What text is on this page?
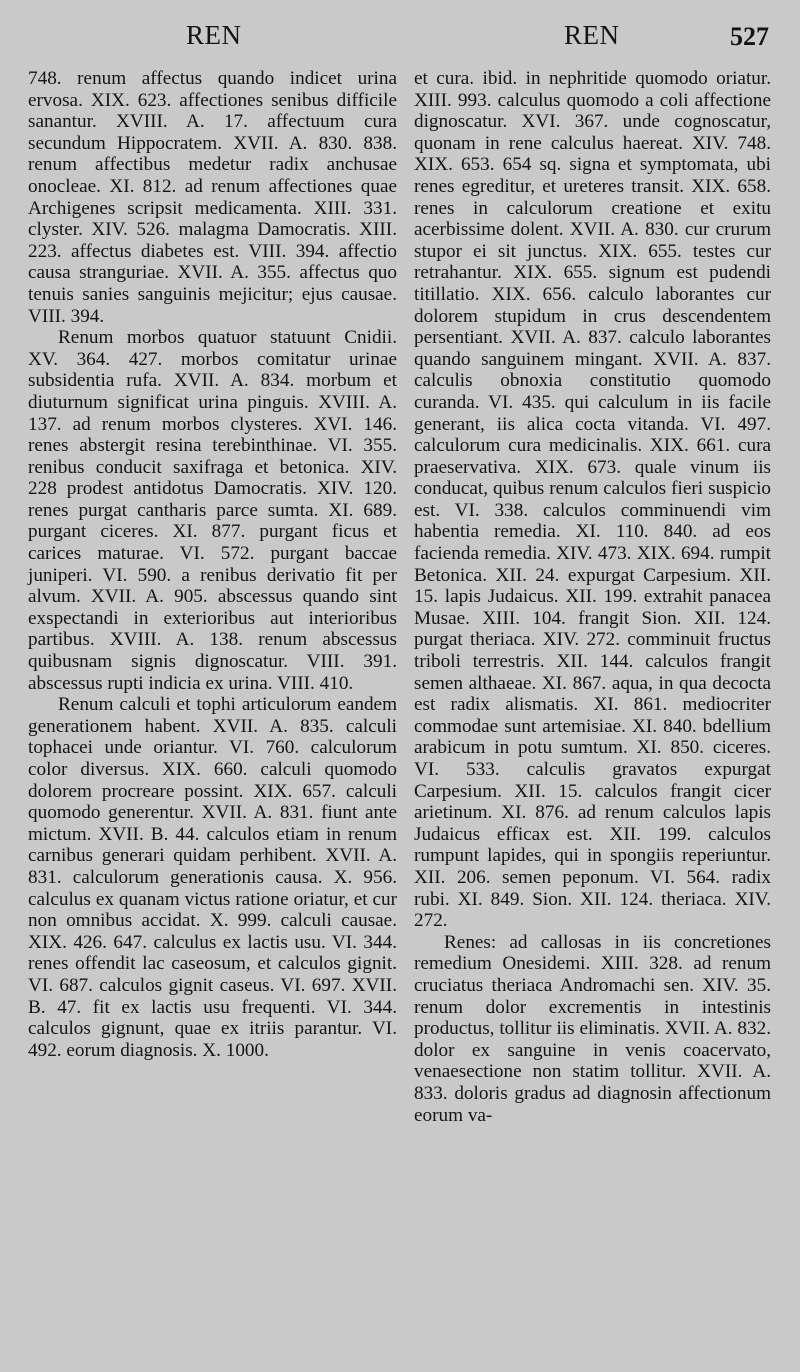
REN	REN	527

748. renum affectus quando indicet urina ervosa. XIX. 623. affectiones senibus difficile sanantur. XVIII. A. 17. affectuum cura secundum Hippocratem. XVII. A. 830. 838. renum affectibus medetur radix anchusae onocleae. XI. 812. ad renum affectiones quae Archigenes scripsit medicamenta. XIII. 331. clyster. XIV. 526. malagma Damocratis. XIII. 223. affectus diabetes est. VIII. 394. affectio causa stranguriae. XVII. A. 355. affectus quo tenuis sanies sanguinis mejicitur; ejus causae. VIII. 394.

Renum morbos quatuor statuunt Cnidii. XV. 364. 427. morbos comitatur urinae subsidentia rufa. XVII. A. 834. morbum et diuturnum significat urina pinguis. XVIII. A. 137. ad renum morbos clysteres. XVI. 146. renes abstergit resina terebinthinae. VI. 355. renibus conducit saxifraga et betonica. XIV. 228 prodest antidotus Damocratis. XIV. 120. renes purgat cantharis parce sumta. XI. 689. purgant ciceres. XI. 877. purgant ficus et carices maturae. VI. 572. purgant baccae juniperi. VI. 590. a renibus derivatio fit per alvum. XVII. A. 905. abscessus quando sint exspectandi in exterioribus aut interioribus partibus. XVIII. A. 138. renum abscessus quibusnam signis dignoscatur. VIII. 391. abscessus rupti indicia ex urina. VIII. 410.

Renum calculi et tophi articulorum eandem generationem habent. XVII. A. 835. calculi tophacei unde oriantur. VI. 760. calculorum color diversus. XIX. 660. calculi quomodo dolorem procreare possint. XIX. 657. calculi quomodo generentur. XVII. A. 831. fiunt ante mictum. XVII. B. 44. calculos etiam in renum carnibus generari quidam perhibent. XVII. A. 831. calculorum generationis causa. X. 956. calculus ex quanam victus ratione oriatur, et cur non omnibus accidat. X. 999. calculi causae. XIX. 426. 647. calculus ex lactis usu. VI. 344. renes offendit lac caseosum, et calculos gignit. VI. 687. calculos gignit caseus. VI. 697. XVII. B. 47. fit ex lactis usu frequenti. VI. 344. calculos gignunt, quae ex itriis parantur. VI. 492. eorum diagnosis. X. 1000.

et cura. ibid. in nephritide quomodo oriatur. XIII. 993. calculus quomodo a coli affectione dignoscatur. XVI. 367. unde cognoscatur, quonam in rene calculus haereat. XIV. 748. XIX. 653. 654 sq. signa et symptomata, ubi renes egreditur, et ureteres transit. XIX. 658. renes in calculorum creatione et exitu acerbissime dolent. XVII. A. 830. cur crurum stupor ei sit junctus. XIX. 655. testes cur retrahantur. XIX. 655. signum est pudendi titillatio. XIX. 656. calculo laborantes cur dolorem stupidum in crus descendentem persentiant. XVII. A. 837. calculo laborantes quando sanguinem mingant. XVII. A. 837. calculis obnoxia constitutio quomodo curanda. VI. 435. qui calculum in iis facile generant, iis alica cocta vitanda. VI. 497. calculorum cura medicinalis. XIX. 661. cura praeservativa. XIX. 673. quale vinum iis conducat, quibus renum calculos fieri suspicio est. VI. 338. calculos comminuendi vim habentia remedia. XI. 110. 840. ad eos facienda remedia. XIV. 473. XIX. 694. rumpit Betonica. XII. 24. expurgat Carpesium. XII. 15. lapis Judaicus. XII. 199. extrahit panacea Musae. XIII. 104. frangit Sion. XII. 124. purgat theriaca. XIV. 272. comminuit fructus triboli terrestris. XII. 144. calculos frangit semen althaeae. XI. 867. aqua, in qua decocta est radix alismatis. XI. 861. mediocriter commodae sunt artemisiae. XI. 840. bdellium arabicum in potu sumtum. XI. 850. ciceres. VI. 533. calculis gravatos expurgat Carpesium. XII. 15. calculos frangit cicer arietinum. XI. 876. ad renum calculos lapis Judaicus efficax est. XII. 199. calculos rumpunt lapides, qui in spongiis reperiuntur. XII. 206. semen peponum. VI. 564. radix rubi. XI. 849. Sion. XII. 124. theriaca. XIV. 272.

Renes: ad callosas in iis concretiones remedium Onesidemi. XIII. 328. ad renum cruciatus theriaca Andromachi sen. XIV. 35. renum dolor excrementis in intestinis productus, tollitur iis eliminatis. XVII. A. 832. dolor ex sanguine in venis coacervato, venaesectione non statim tollitur. XVII. A. 833. doloris gradus ad diagnosin affectionum eorum va-
